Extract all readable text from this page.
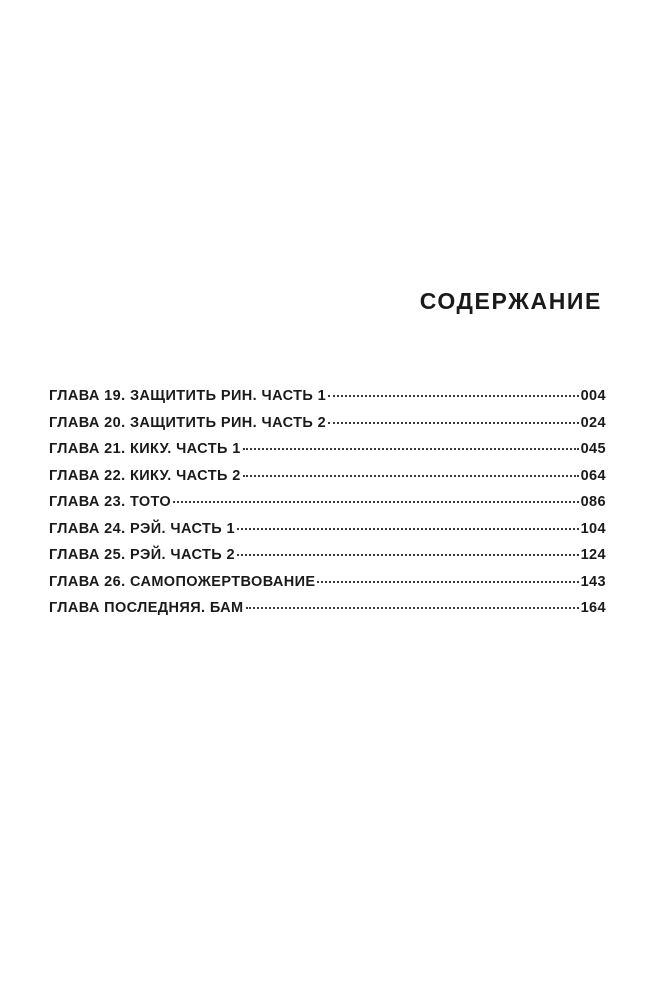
СОДЕРЖАНИЕ
ГЛАВА 19. ЗАЩИТИТЬ РИН. ЧАСТЬ 1	004
ГЛАВА 20. ЗАЩИТИТЬ РИН. ЧАСТЬ 2	024
ГЛАВА 21. КИКУ. ЧАСТЬ 1	045
ГЛАВА 22. КИКУ. ЧАСТЬ 2	064
ГЛАВА 23. ТОТО	086
ГЛАВА 24. РЭЙ. ЧАСТЬ 1	104
ГЛАВА 25. РЭЙ. ЧАСТЬ 2	124
ГЛАВА 26. САМОПОЖЕРТВОВАНИЕ	143
ГЛАВА ПОСЛЕДНЯЯ. БАМ	164
